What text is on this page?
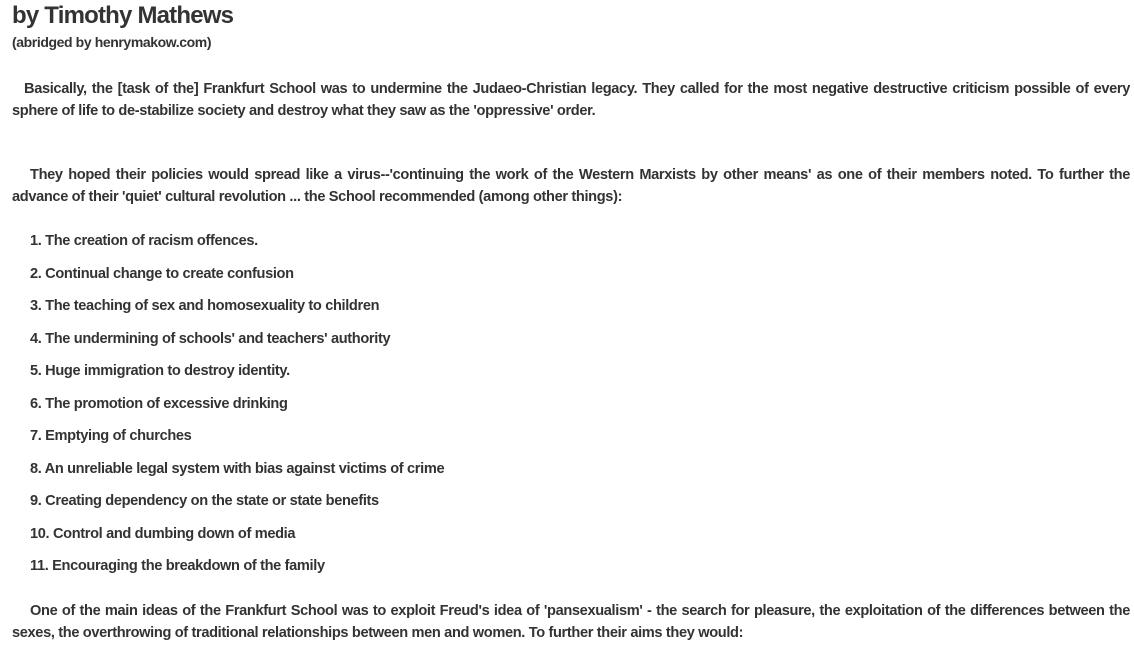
by Timothy Mathews
(abridged by henrymakow.com)

Basically, the [task of the] Frankfurt School was to undermine the Judaeo-Christian legacy. They called for the most negative destructive criticism possible of every sphere of life to de-stabilize society and destroy what they saw as the 'oppressive' order.

They hoped their policies would spread like a virus--'continuing the work of the Western Marxists by other means' as one of their members noted. To further the advance of their 'quiet' cultural revolution ... the School recommended (among other things):

1. The creation of racism offences.
2. Continual change to create confusion
3. The teaching of sex and homosexuality to children
4. The undermining of schools' and teachers' authority
5. Huge immigration to destroy identity.
6. The promotion of excessive drinking
7. Emptying of churches
8. An unreliable legal system with bias against victims of crime
9. Creating dependency on the state or state benefits
10. Control and dumbing down of media
11. Encouraging the breakdown of the family

One of the main ideas of the Frankfurt School was to exploit Freud's idea of 'pansexualism' - the search for pleasure, the exploitation of the differences between the sexes, the overthrowing of traditional relationships between men and women. To further their aims they would:
